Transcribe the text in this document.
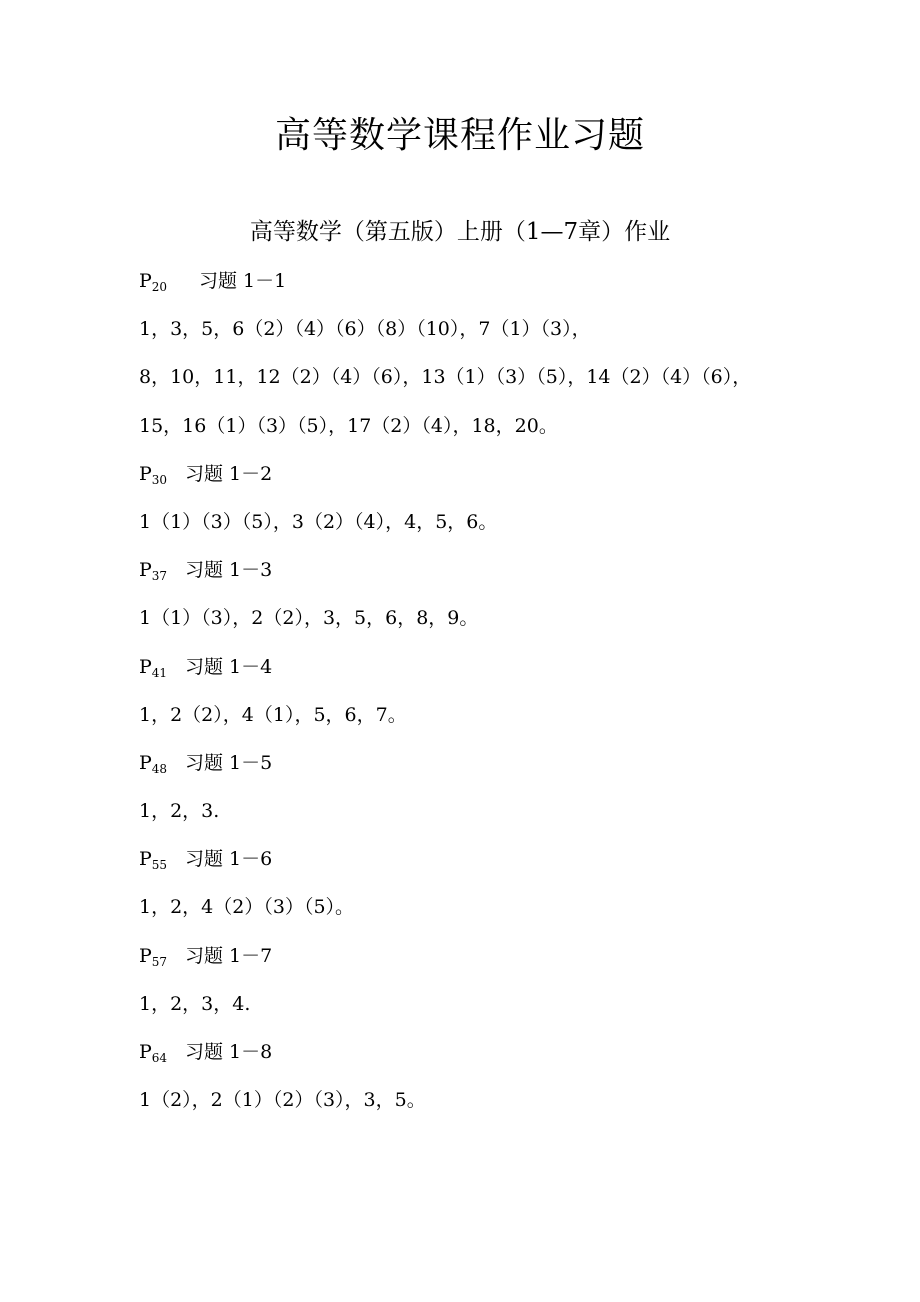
高等数学课程作业习题
高等数学（第五版）上册（1—7章）作业
$P_{20}$ 习题 1－1
1，3，5，6（2）（4）（6）（8）（10），7（1）（3），
8，10，11，12（2）（4）（6），13（1）（3）（5），14（2）（4）（6），
15，16（1）（3）（5），17（2）（4），18，20。
$P_{30}$ 习题 1－2
1（1）（3）（5），3（2）（4），4，5，6。
$P_{37}$ 习题 1－3
1（1）（3），2（2），3，5，6，8，9。
$P_{41}$ 习题 1－4
1，2（2），4（1），5，6，7。
$P_{48}$ 习题 1－5
1，2，3.
$P_{55}$ 习题 1－6
1，2，4（2）（3）（5）。
$P_{57}$ 习题 1－7
1，2，3，4.
$P_{64}$ 习题 1－8
1（2），2（1）（2）（3），3，5。
